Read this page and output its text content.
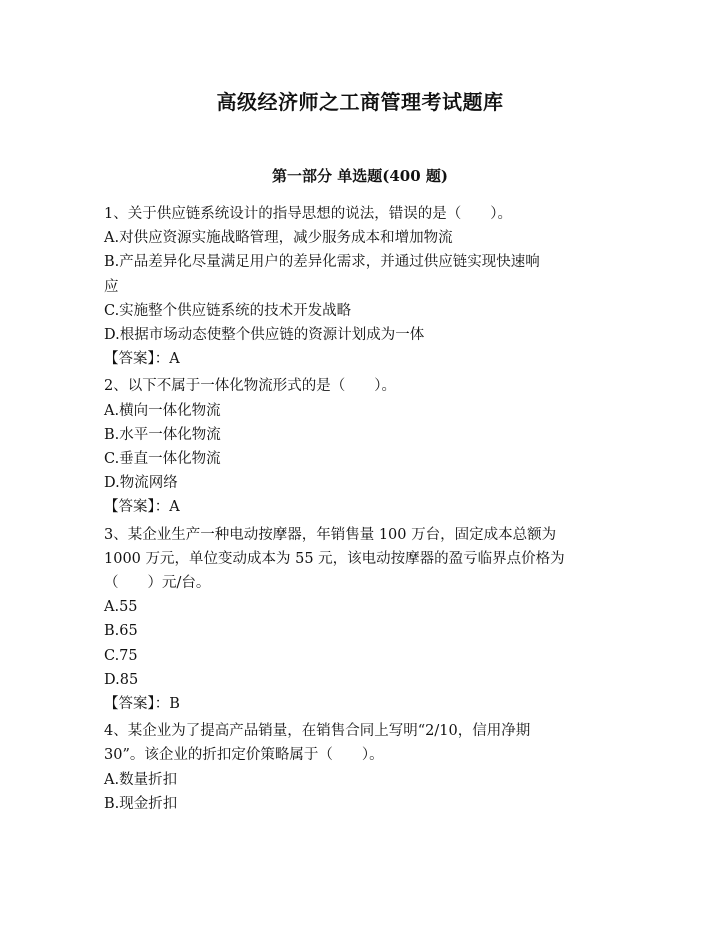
高级经济师之工商管理考试题库
第一部分 单选题(400 题)
1、关于供应链系统设计的指导思想的说法，错误的是（　　）。
A.对供应资源实施战略管理，减少服务成本和增加物流
B.产品差异化尽量满足用户的差异化需求，并通过供应链实现快速响
应
C.实施整个供应链系统的技术开发战略
D.根据市场动态使整个供应链的资源计划成为一体
【答案】：A
2、以下不属于一体化物流形式的是（　　）。
A.横向一体化物流
B.水平一体化物流
C.垂直一体化物流
D.物流网络
【答案】：A
3、某企业生产一种电动按摩器，年销售量 100 万台，固定成本总额为
1000 万元，单位变动成本为 55 元，该电动按摩器的盈亏临界点价格为
（　　）元/台。
A.55
B.65
C.75
D.85
【答案】：B
4、某企业为了提高产品销量，在销售合同上写明“2/10，信用净期
30”。该企业的折扣定价策略属于（　　）。
A.数量折扣
B.现金折扣
